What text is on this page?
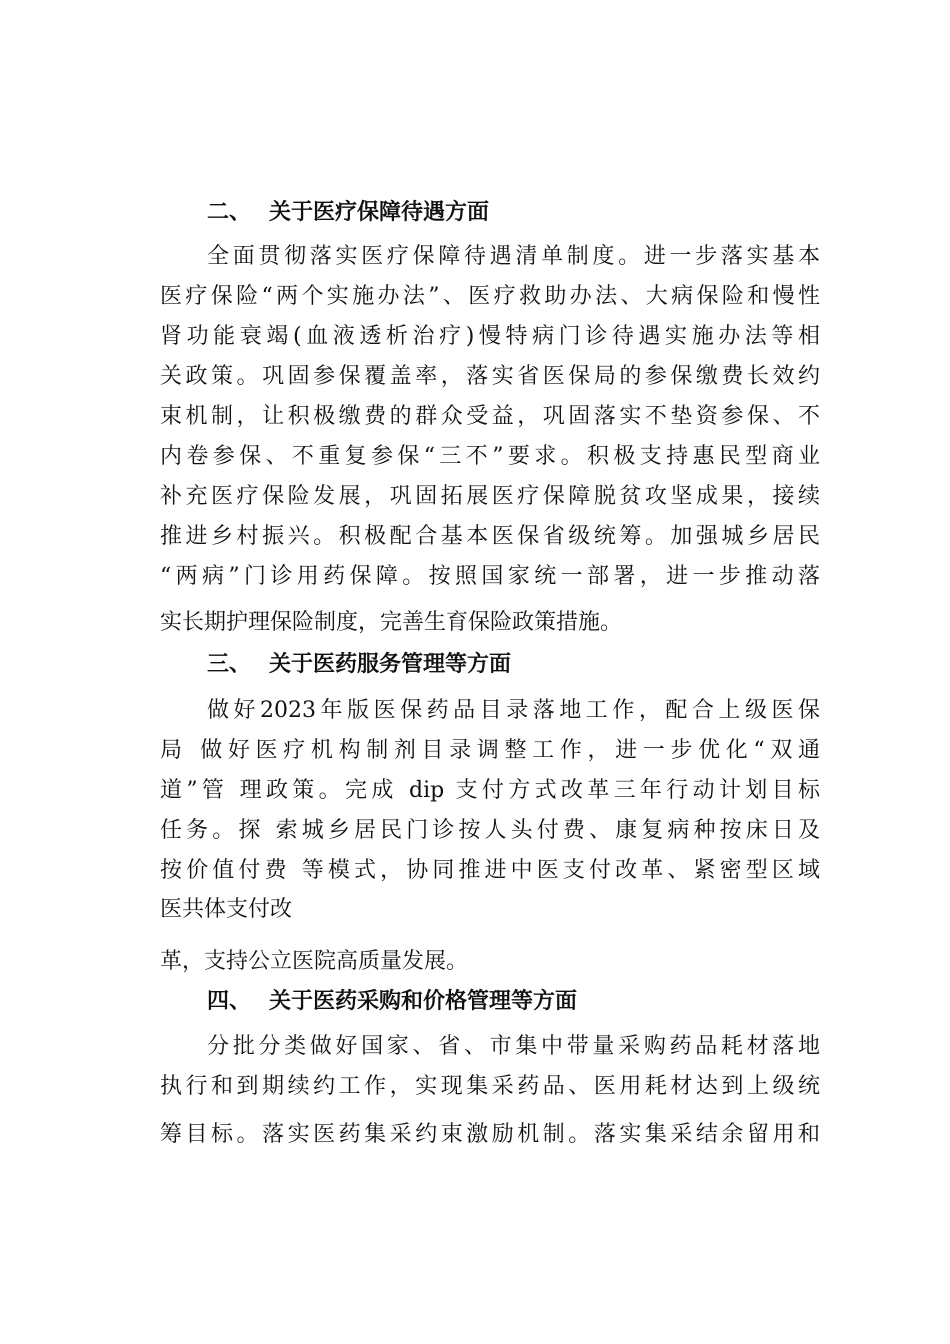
二、 关于医疗保障待遇方面
全面贯彻落实医疗保障待遇清单制度。进一步落实基本
医疗保险“两个实施办法”、医疗救助办法、大病保险和慢性
肾功能衰竭(血液透析治疗)慢特病门诊待遇实施办法等相
关政策。巩固参保覆盖率，落实省医保局的参保缴费长效约
束机制，让积极缴费的群众受益，巩固落实不垫资参保、不
内卷参保、不重复参保“三不”要求。积极支持惠民型商业
补充医疗保险发展，巩固拓展医疗保障脱贫攻坚成果，接续
推进乡村振兴。积极配合基本医保省级统筹。加强城乡居民
“两病”门诊用药保障。按照国家统一部署，进一步推动落
实长期护理保险制度，完善生育保险政策措施。
三、 关于医药服务管理等方面
做好2023年版医保药品目录落地工作，配合上级医保
局 做好医疗机构制剂目录调整工作，进一步优化“双通
道”管 理政策。完成 dip 支付方式改革三年行动计划目标
任务。探 索城乡居民门诊按人头付费、康复病种按床日及
按价值付费 等模式，协同推进中医支付改革、紧密型区域
医共体支付改
革，支持公立医院高质量发展。
四、 关于医药采购和价格管理等方面
分批分类做好国家、省、市集中带量采购药品耗材落地
执行和到期续约工作，实现集采药品、医用耗材达到上级统
筹目标。落实医药集采约束激励机制。落实集采结余留用和
